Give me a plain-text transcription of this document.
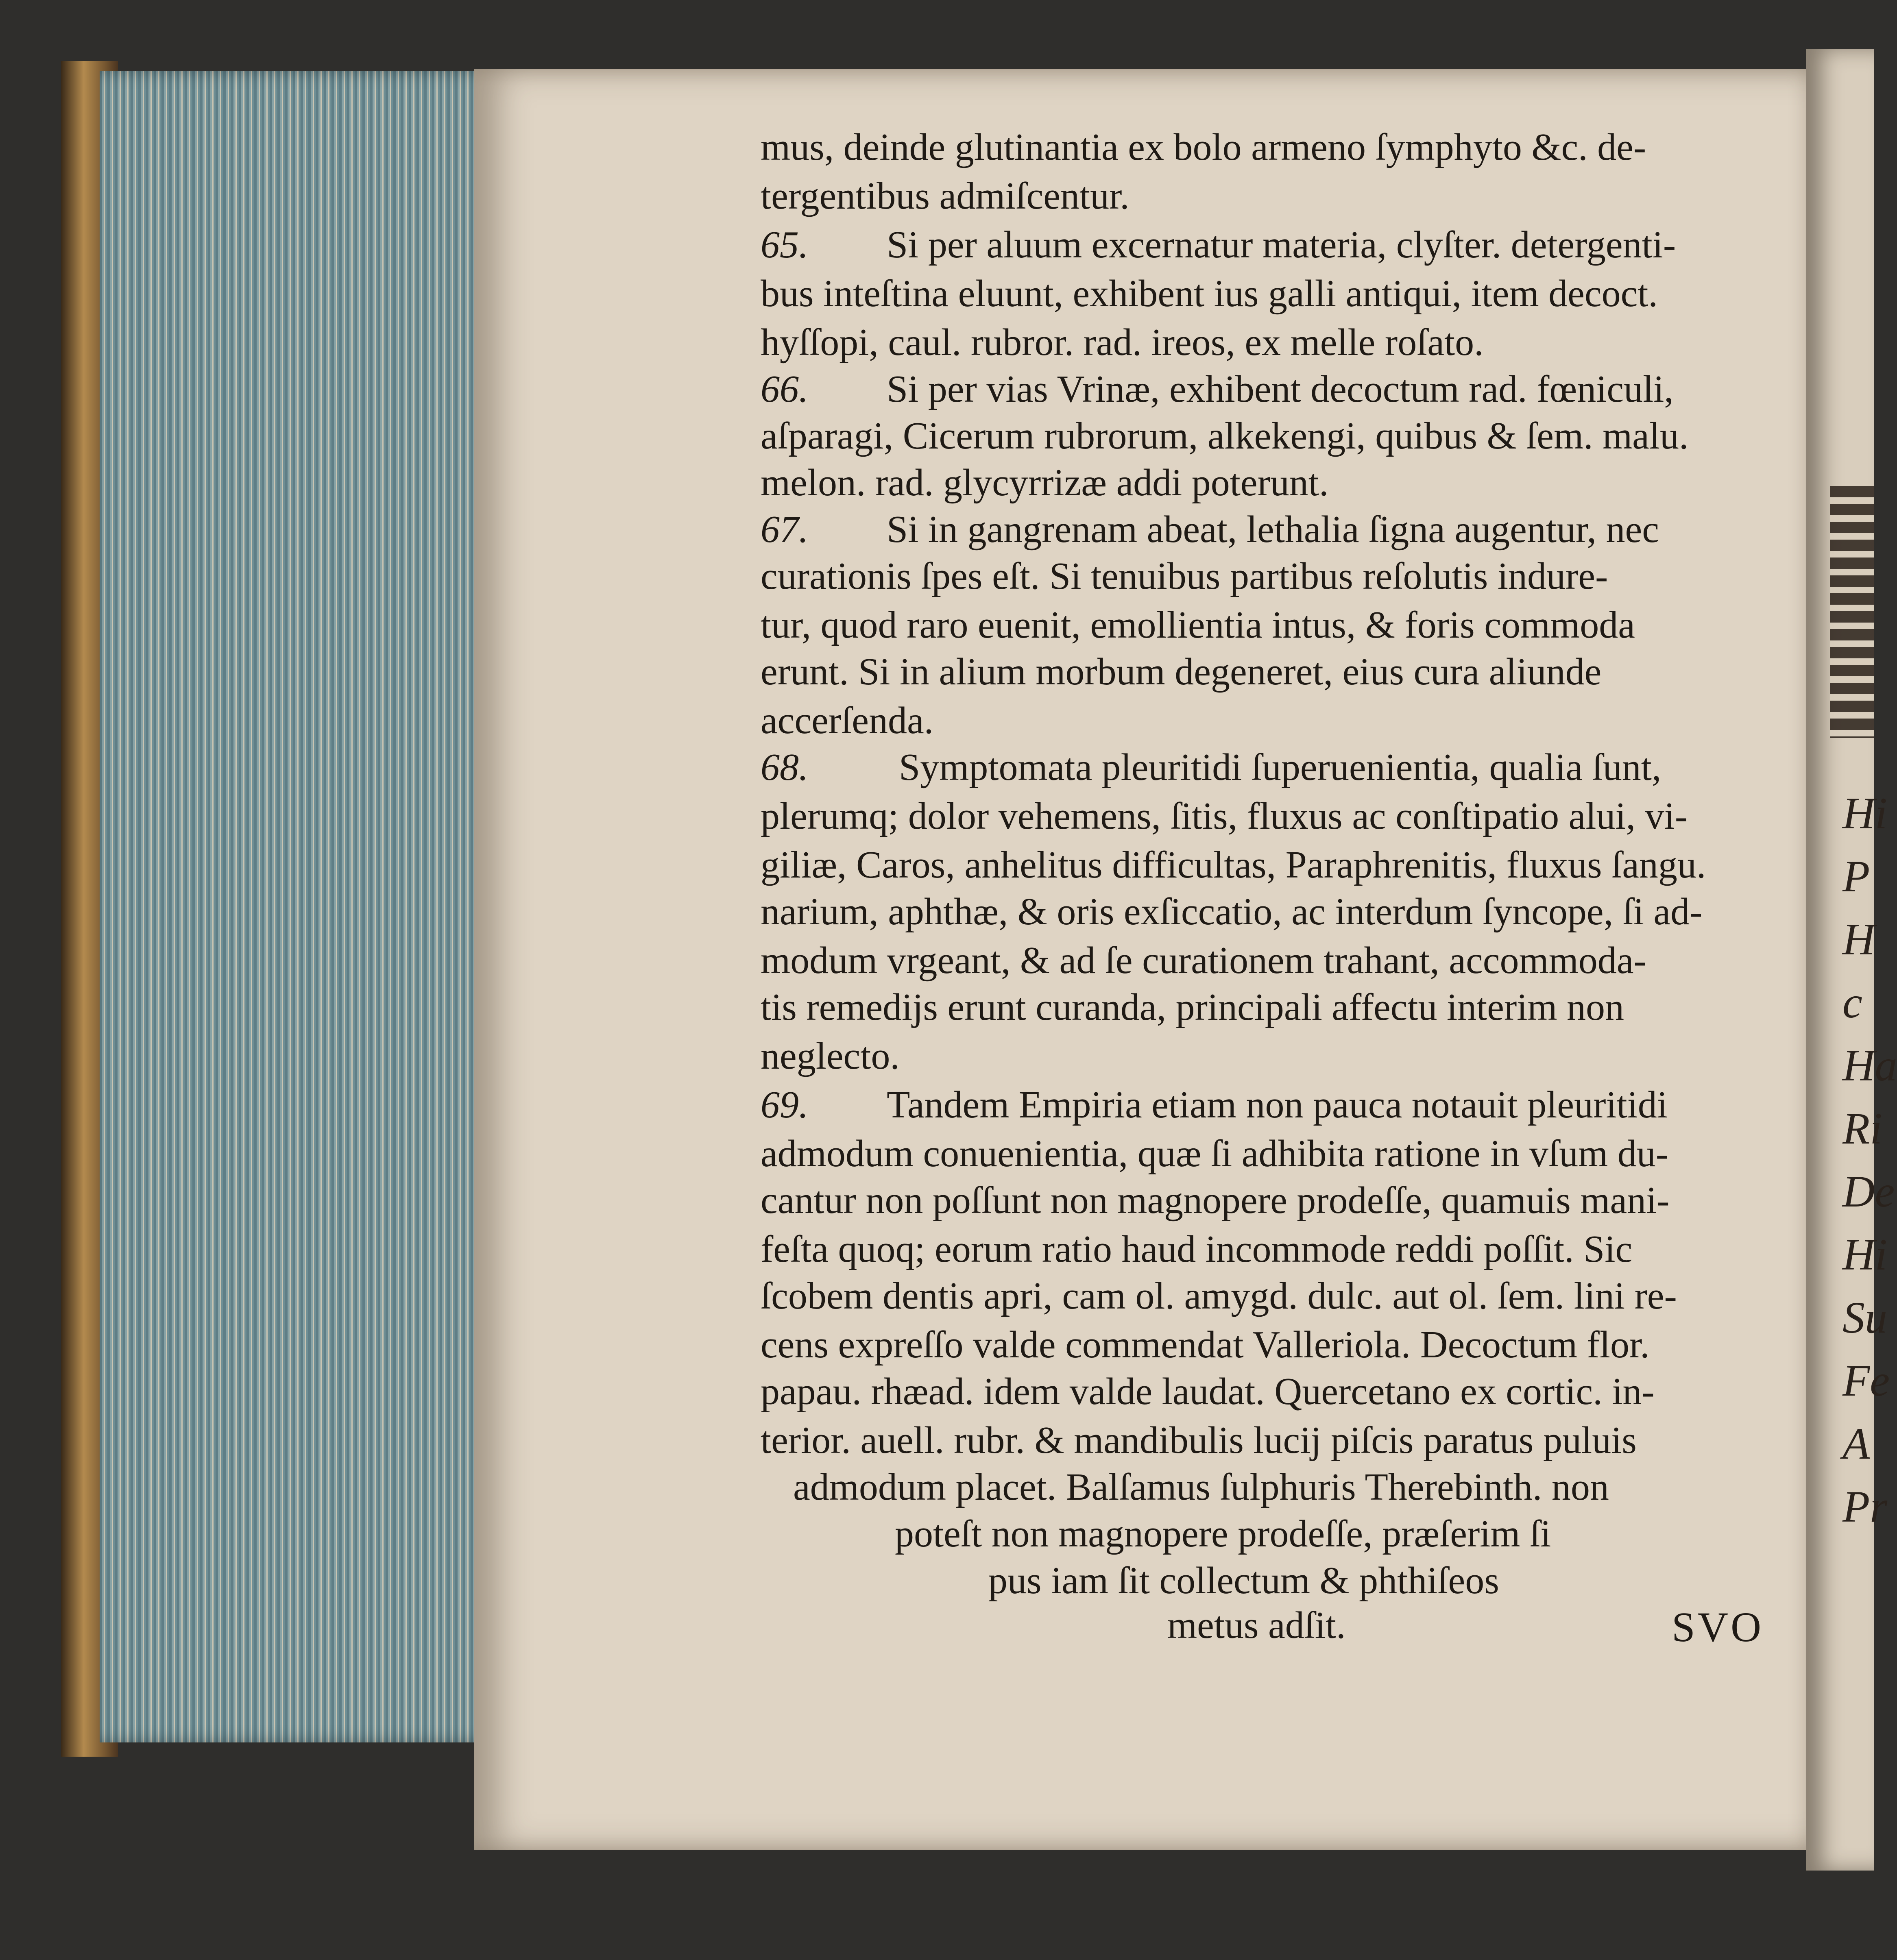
Hi
P
H
c
Ha
Ri
De
Hi
Su
Fe
A
Pr
mus, deinde glutinantia ex bolo armeno ſymphyto &c. de-
tergentibus admiſcentur.
65. Si per aluum excernatur materia, clyſter. detergenti-
bus inteſtina eluunt, exhibent ius galli antiqui, item decoct.
hyſſopi, caul. rubror. rad. ireos, ex melle roſato.
66. Si per vias Vrinæ, exhibent decoctum rad. fœniculi,
aſparagi, Cicerum rubrorum, alkekengi, quibus & ſem. malu.
melon. rad. glycyrrizæ addi poterunt.
67. Si in gangrenam abeat, lethalia ſigna augentur, nec
curationis ſpes eſt. Si tenuibus partibus reſolutis indure-
tur, quod raro euenit, emollientia intus, & foris commoda
erunt. Si in alium morbum degeneret, eius cura aliunde
accerſenda.
68. Symptomata pleuritidi ſuperuenientia, qualia ſunt,
plerumq; dolor vehemens, ſitis, fluxus ac conſtipatio alui, vi-
giliæ, Caros, anhelitus difficultas, Paraphrenitis, fluxus ſangu.
narium, aphthæ, & oris exſiccatio, ac interdum ſyncope, ſi ad-
modum vrgeant, & ad ſe curationem trahant, accommoda-
tis remedijs erunt curanda, principali affectu interim non
neglecto.
69. Tandem Empiria etiam non pauca notauit pleuritidi
admodum conuenientia, quæ ſi adhibita ratione in vſum du-
cantur non poſſunt non magnopere prodeſſe, quamuis mani-
feſta quoq; eorum ratio haud incommode reddi poſſit. Sic
ſcobem dentis apri, cam ol. amygd. dulc. aut ol. ſem. lini re-
cens expreſſo valde commendat Valleriola. Decoctum flor.
papau. rhæad. idem valde laudat. Quercetano ex cortic. in-
terior. auell. rubr. & mandibulis lucij piſcis paratus puluis
admodum placet. Balſamus ſulphuris Therebinth. non
poteſt non magnopere prodeſſe, præſerim ſi
pus iam ſit collectum & phthiſeos
metus adſit.	SVO
